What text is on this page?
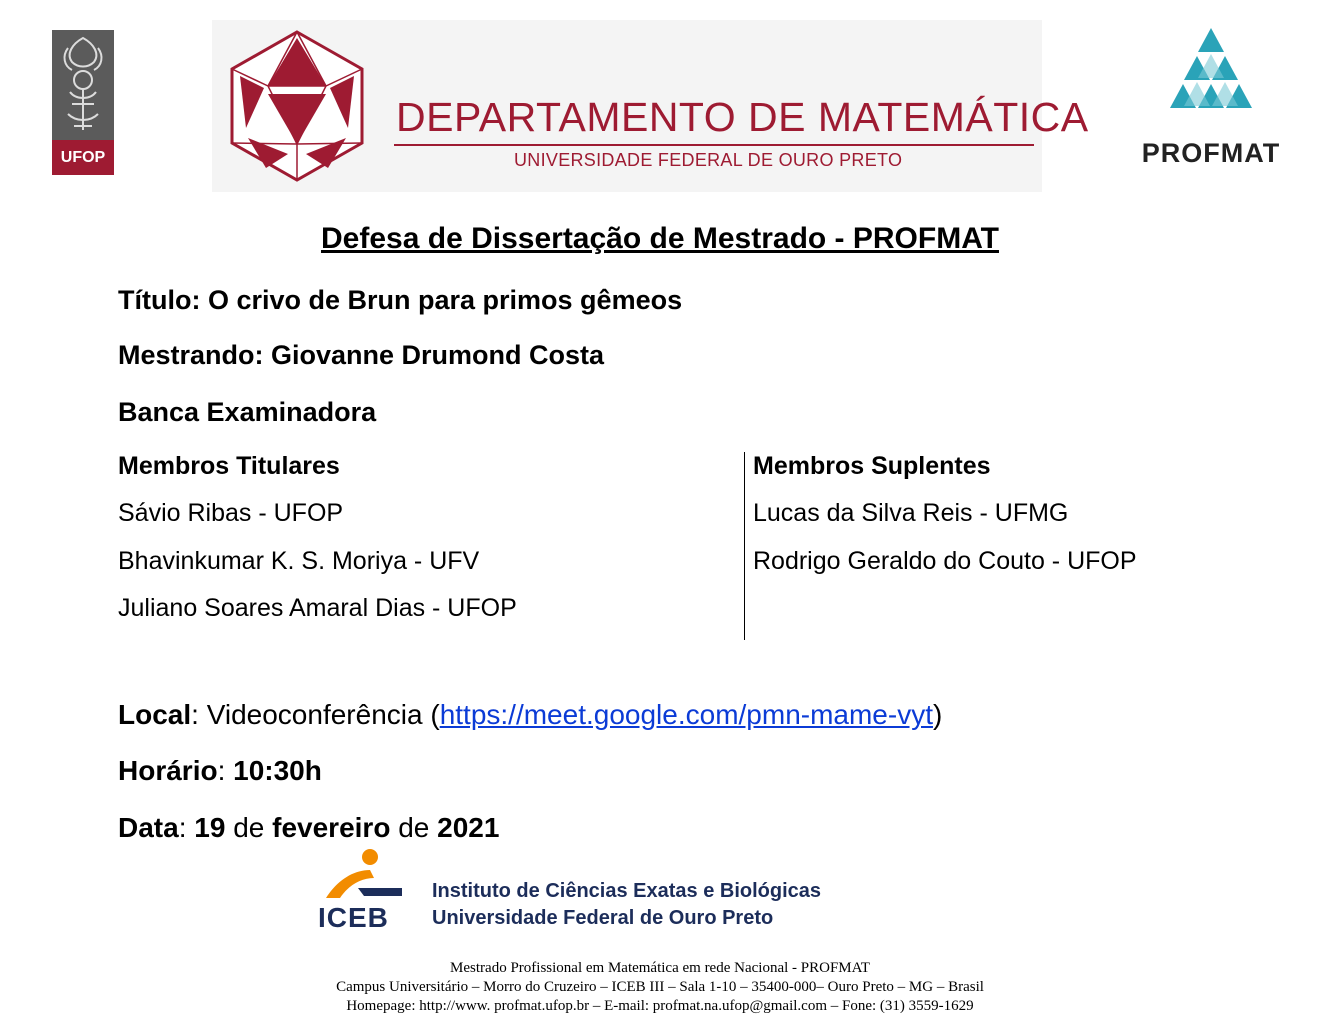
UFOP
DEPARTAMENTO DE MATEMÁTICA
UNIVERSIDADE FEDERAL DE OURO PRETO	PROFMAT
Defesa de Dissertação de Mestrado - PROFMAT
Título: O crivo de Brun para primos gêmeos
Mestrando: Giovanne Drumond Costa
Banca Examinadora
Membros Titulares
Sávio Ribas - UFOP
Bhavinkumar K. S. Moriya - UFV
Juliano Soares Amaral Dias - UFOP
Membros Suplentes
Lucas da Silva Reis - UFMG
Rodrigo Geraldo do Couto - UFOP
Local: Videoconferência (https://meet.google.com/pmn-mame-vyt)
Horário: 10:30h
Data: 19 de fevereiro de 2021
ICEB
Instituto de Ciências Exatas e Biológicas
Universidade Federal de Ouro Preto
Mestrado Profissional em Matemática em rede Nacional - PROFMAT
Campus Universitário – Morro do Cruzeiro – ICEB III – Sala 1-10 – 35400-000– Ouro Preto – MG – Brasil
Homepage: http://www. profmat.ufop.br – E-mail: profmat.na.ufop@gmail.com – Fone: (31) 3559-1629
